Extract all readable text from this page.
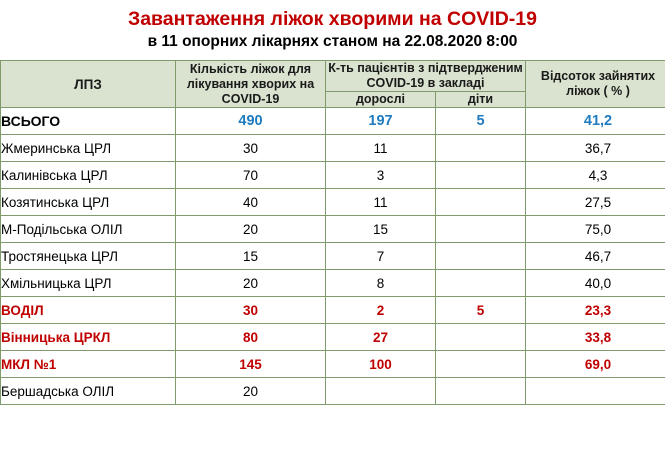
Завантаження ліжок хворими на COVID-19
в 11 опорних лікарнях станом на 22.08.2020 8:00
ЛПЗ	Кількість ліжок для лікування хворих на COVID-19	К-ть пацієнтів з підтвердженим COVID-19 в закладі		Відсоток зайнятих ліжок ( % )
		дорослі	діти	
ВСЬОГО	490	197	5	41,2
Жмеринська ЦРЛ	30	11		36,7
Калинівська ЦРЛ	70	3		4,3
Козятинська ЦРЛ	40	11		27,5
М-Подільська ОЛІЛ	20	15		75,0
Тростянецька ЦРЛ	15	7		46,7
Хмільницька ЦРЛ	20	8		40,0
ВОДІЛ	30	2	5	23,3
Вінницька ЦРКЛ	80	27		33,8
МКЛ №1	145	100		69,0
Бершадська ОЛІЛ	20			
